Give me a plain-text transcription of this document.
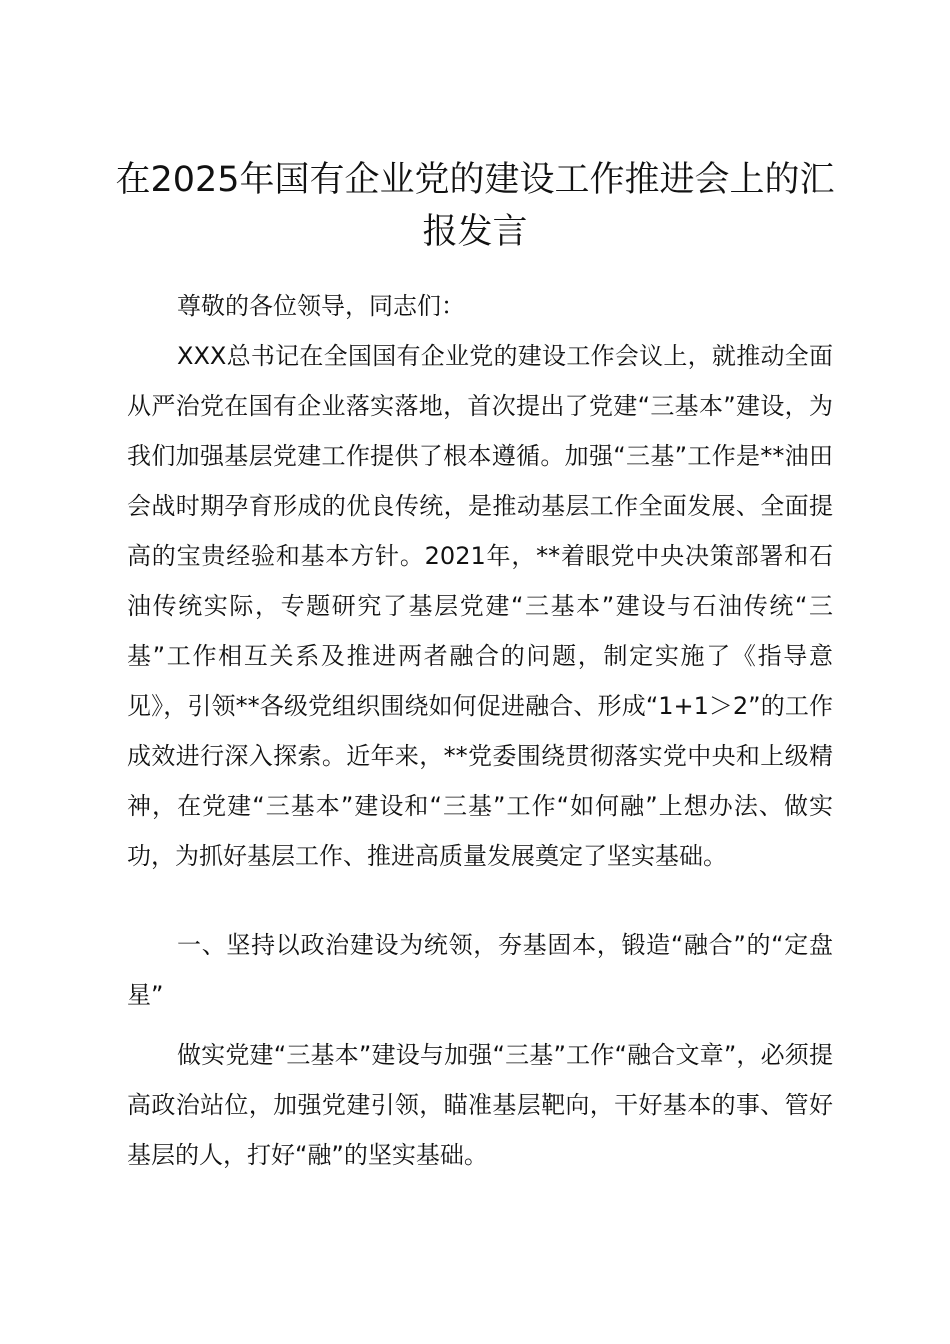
在2025年国有企业党的建设工作推进会上的汇报发言

尊敬的各位领导，同志们：

XXX总书记在全国国有企业党的建设工作会议上，就推动全面从严治党在国有企业落实落地，首次提出了党建“三基本”建设，为我们加强基层党建工作提供了根本遵循。加强“三基”工作是**油田会战时期孕育形成的优良传统，是推动基层工作全面发展、全面提高的宝贵经验和基本方针。2021年，**着眼党中央决策部署和石油传统实际，专题研究了基层党建“三基本”建设与石油传统“三基”工作相互关系及推进两者融合的问题，制定实施了《指导意见》，引领**各级党组织围绕如何促进融合、形成“1+1＞2”的工作成效进行深入探索。近年来，**党委围绕贯彻落实党中央和上级精神，在党建“三基本”建设和“三基”工作“如何融”上想办法、做实功，为抓好基层工作、推进高质量发展奠定了坚实基础。

一、坚持以政治建设为统领，夯基固本，锻造“融合”的“定盘星”

做实党建“三基本”建设与加强“三基”工作“融合文章”，必须提高政治站位，加强党建引领，瞄准基层靶向，干好基本的事、管好基层的人，打好“融”的坚实基础。
